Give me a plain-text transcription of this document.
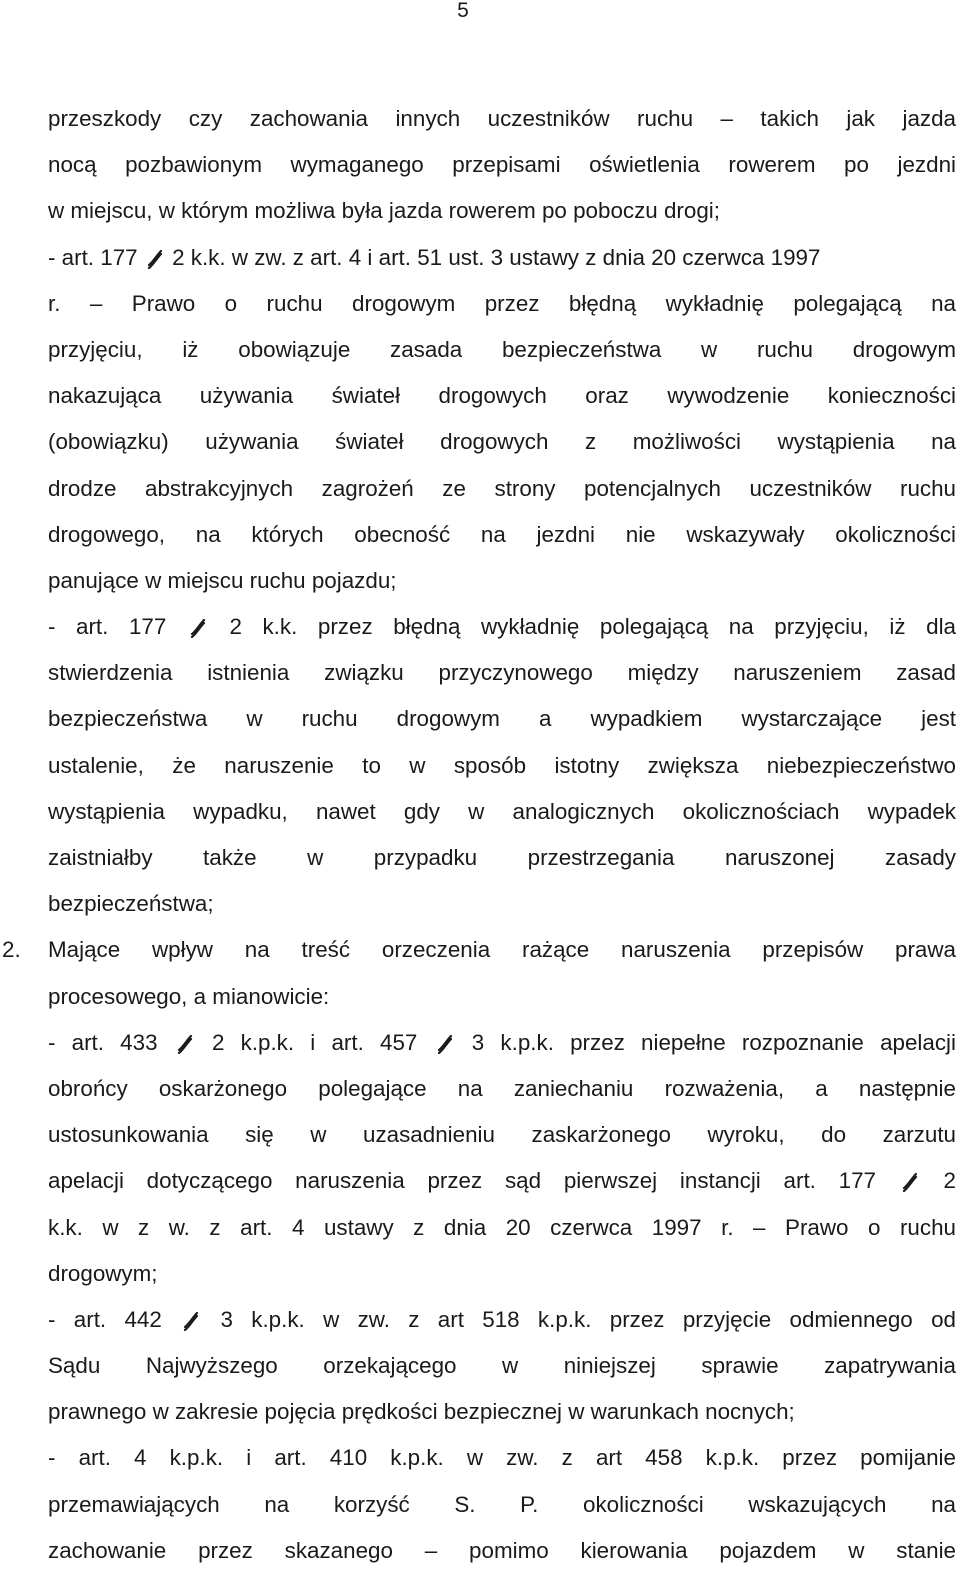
5
przeszkody czy zachowania innych uczestników ruchu – takich jak jazda
nocą pozbawionym wymaganego przepisami oświetlenia rowerem po jezdni
w miejscu, w którym możliwa była jazda rowerem po poboczu drogi;
- art. 177 2 k.k. w zw. z art. 4 i art. 51 ust. 3 ustawy z dnia 20 czerwca 1997
r. – Prawo o ruchu drogowym przez błędną wykładnię polegającą na
przyjęciu, iż obowiązuje zasada bezpieczeństwa w ruchu drogowym
nakazująca używania świateł drogowych oraz wywodzenie konieczności
(obowiązku) używania świateł drogowych z możliwości wystąpienia na
drodze abstrakcyjnych zagrożeń ze strony potencjalnych uczestników ruchu
drogowego, na których obecność na jezdni nie wskazywały okoliczności
panujące w miejscu ruchu pojazdu;
- art. 177	2 k.k. przez błędną wykładnię polegającą na przyjęciu, iż dla
stwierdzenia istnienia związku przyczynowego między naruszeniem zasad
bezpieczeństwa w ruchu drogowym a wypadkiem wystarczające jest
ustalenie, że naruszenie to w sposób istotny zwiększa niebezpieczeństwo
wystąpienia wypadku, nawet gdy w analogicznych okolicznościach wypadek
zaistniałby także w przypadku przestrzegania naruszonej zasady
bezpieczeństwa;
2. Mające wpływ na treść orzeczenia rażące naruszenia przepisów prawa
procesowego, a mianowicie:
- art. 433 2 k.p.k. i art. 457 3 k.p.k. przez niepełne rozpoznanie apelacji
obrońcy oskarżonego polegające na zaniechaniu rozważenia, a następnie
ustosunkowania się w uzasadnieniu zaskarżonego wyroku, do zarzutu
apelacji dotyczącego naruszenia przez sąd pierwszej instancji art. 177	2
k.k. w z w. z art. 4 ustawy z dnia 20 czerwca 1997 r. – Prawo o ruchu
drogowym;
- art. 442	3 k.p.k. w zw. z art 518 k.p.k. przez przyjęcie odmiennego od
Sądu Najwyższego orzekającego w niniejszej sprawie zapatrywania
prawnego w zakresie pojęcia prędkości bezpiecznej w warunkach nocnych;
- art. 4 k.p.k. i art. 410 k.p.k. w zw. z art 458 k.p.k. przez pomijanie
przemawiających na korzyść S. P. okoliczności wskazujących na
zachowanie przez skazanego – pomimo kierowania pojazdem w stanie
